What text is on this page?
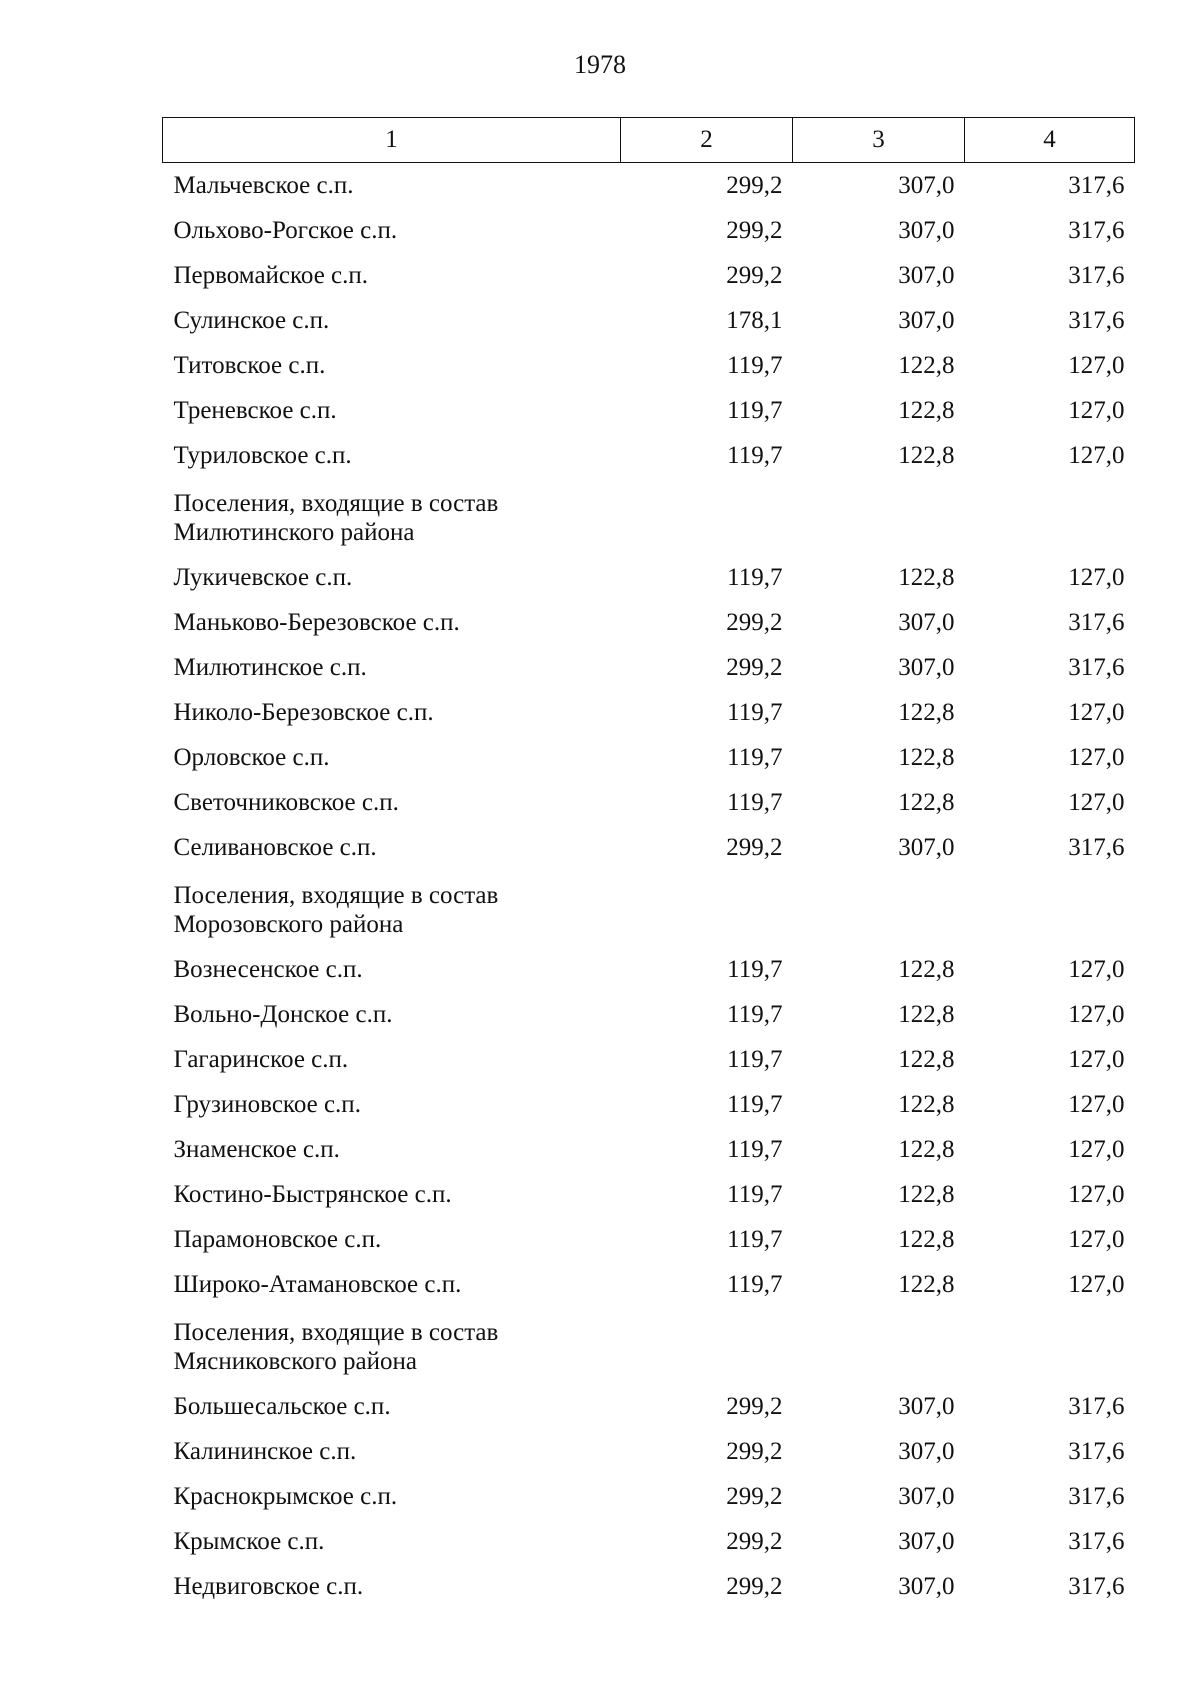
1978
1	2	3	4
Мальчевское с.п.	299,2	307,0	317,6
Ольхово-Рогское с.п.	299,2	307,0	317,6
Первомайское с.п.	299,2	307,0	317,6
Сулинское с.п.	178,1	307,0	317,6
Титовское с.п.	119,7	122,8	127,0
Треневское с.п.	119,7	122,8	127,0
Туриловское с.п.	119,7	122,8	127,0

Поселения, входящие в состав
Милютинского района			

Лукичевское с.п.	119,7	122,8	127,0
Маньково-Березовское с.п.	299,2	307,0	317,6
Милютинское с.п.	299,2	307,0	317,6
Николо-Березовское с.п.	119,7	122,8	127,0
Орловское с.п.	119,7	122,8	127,0
Светочниковское с.п.	119,7	122,8	127,0
Селивановское с.п.	299,2	307,0	317,6

Поселения, входящие в состав
Морозовского района			

Вознесенское с.п.	119,7	122,8	127,0
Вольно-Донское с.п.	119,7	122,8	127,0
Гагаринское с.п.	119,7	122,8	127,0
Грузиновское с.п.	119,7	122,8	127,0
Знаменское с.п.	119,7	122,8	127,0
Костино-Быстрянское с.п.	119,7	122,8	127,0
Парамоновское с.п.	119,7	122,8	127,0
Широко-Атамановское с.п.	119,7	122,8	127,0

Поселения, входящие в состав
Мясниковского района			

Большесальское с.п.	299,2	307,0	317,6
Калининское с.п.	299,2	307,0	317,6
Краснокрымское с.п.	299,2	307,0	317,6
Крымское с.п.	299,2	307,0	317,6
Недвиговское с.п.	299,2	307,0	317,6
